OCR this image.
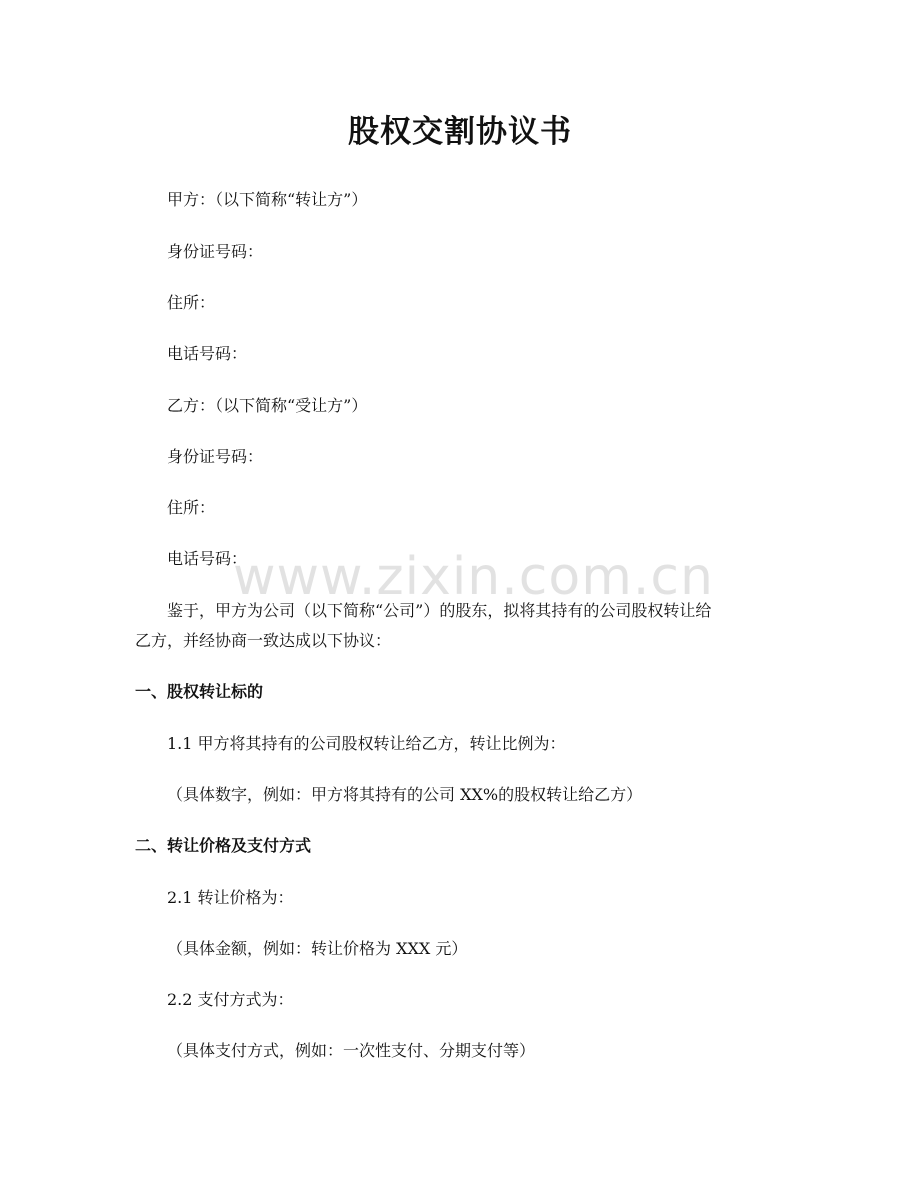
股权交割协议书
甲方：（以下简称“转让方”）
身份证号码：
住所：
电话号码：
乙方：（以下简称“受让方”）
身份证号码：
住所：
电话号码：
鉴于，甲方为公司（以下简称“公司”）的股东，拟将其持有的公司股权转让给
乙方，并经协商一致达成以下协议：
一、股权转让标的
1.1 甲方将其持有的公司股权转让给乙方，转让比例为：
（具体数字，例如：甲方将其持有的公司 XX%的股权转让给乙方）
二、转让价格及支付方式
2.1 转让价格为：
（具体金额，例如：转让价格为 XXX 元）
2.2 支付方式为：
（具体支付方式，例如：一次性支付、分期支付等）
www.zixin.com.cn
